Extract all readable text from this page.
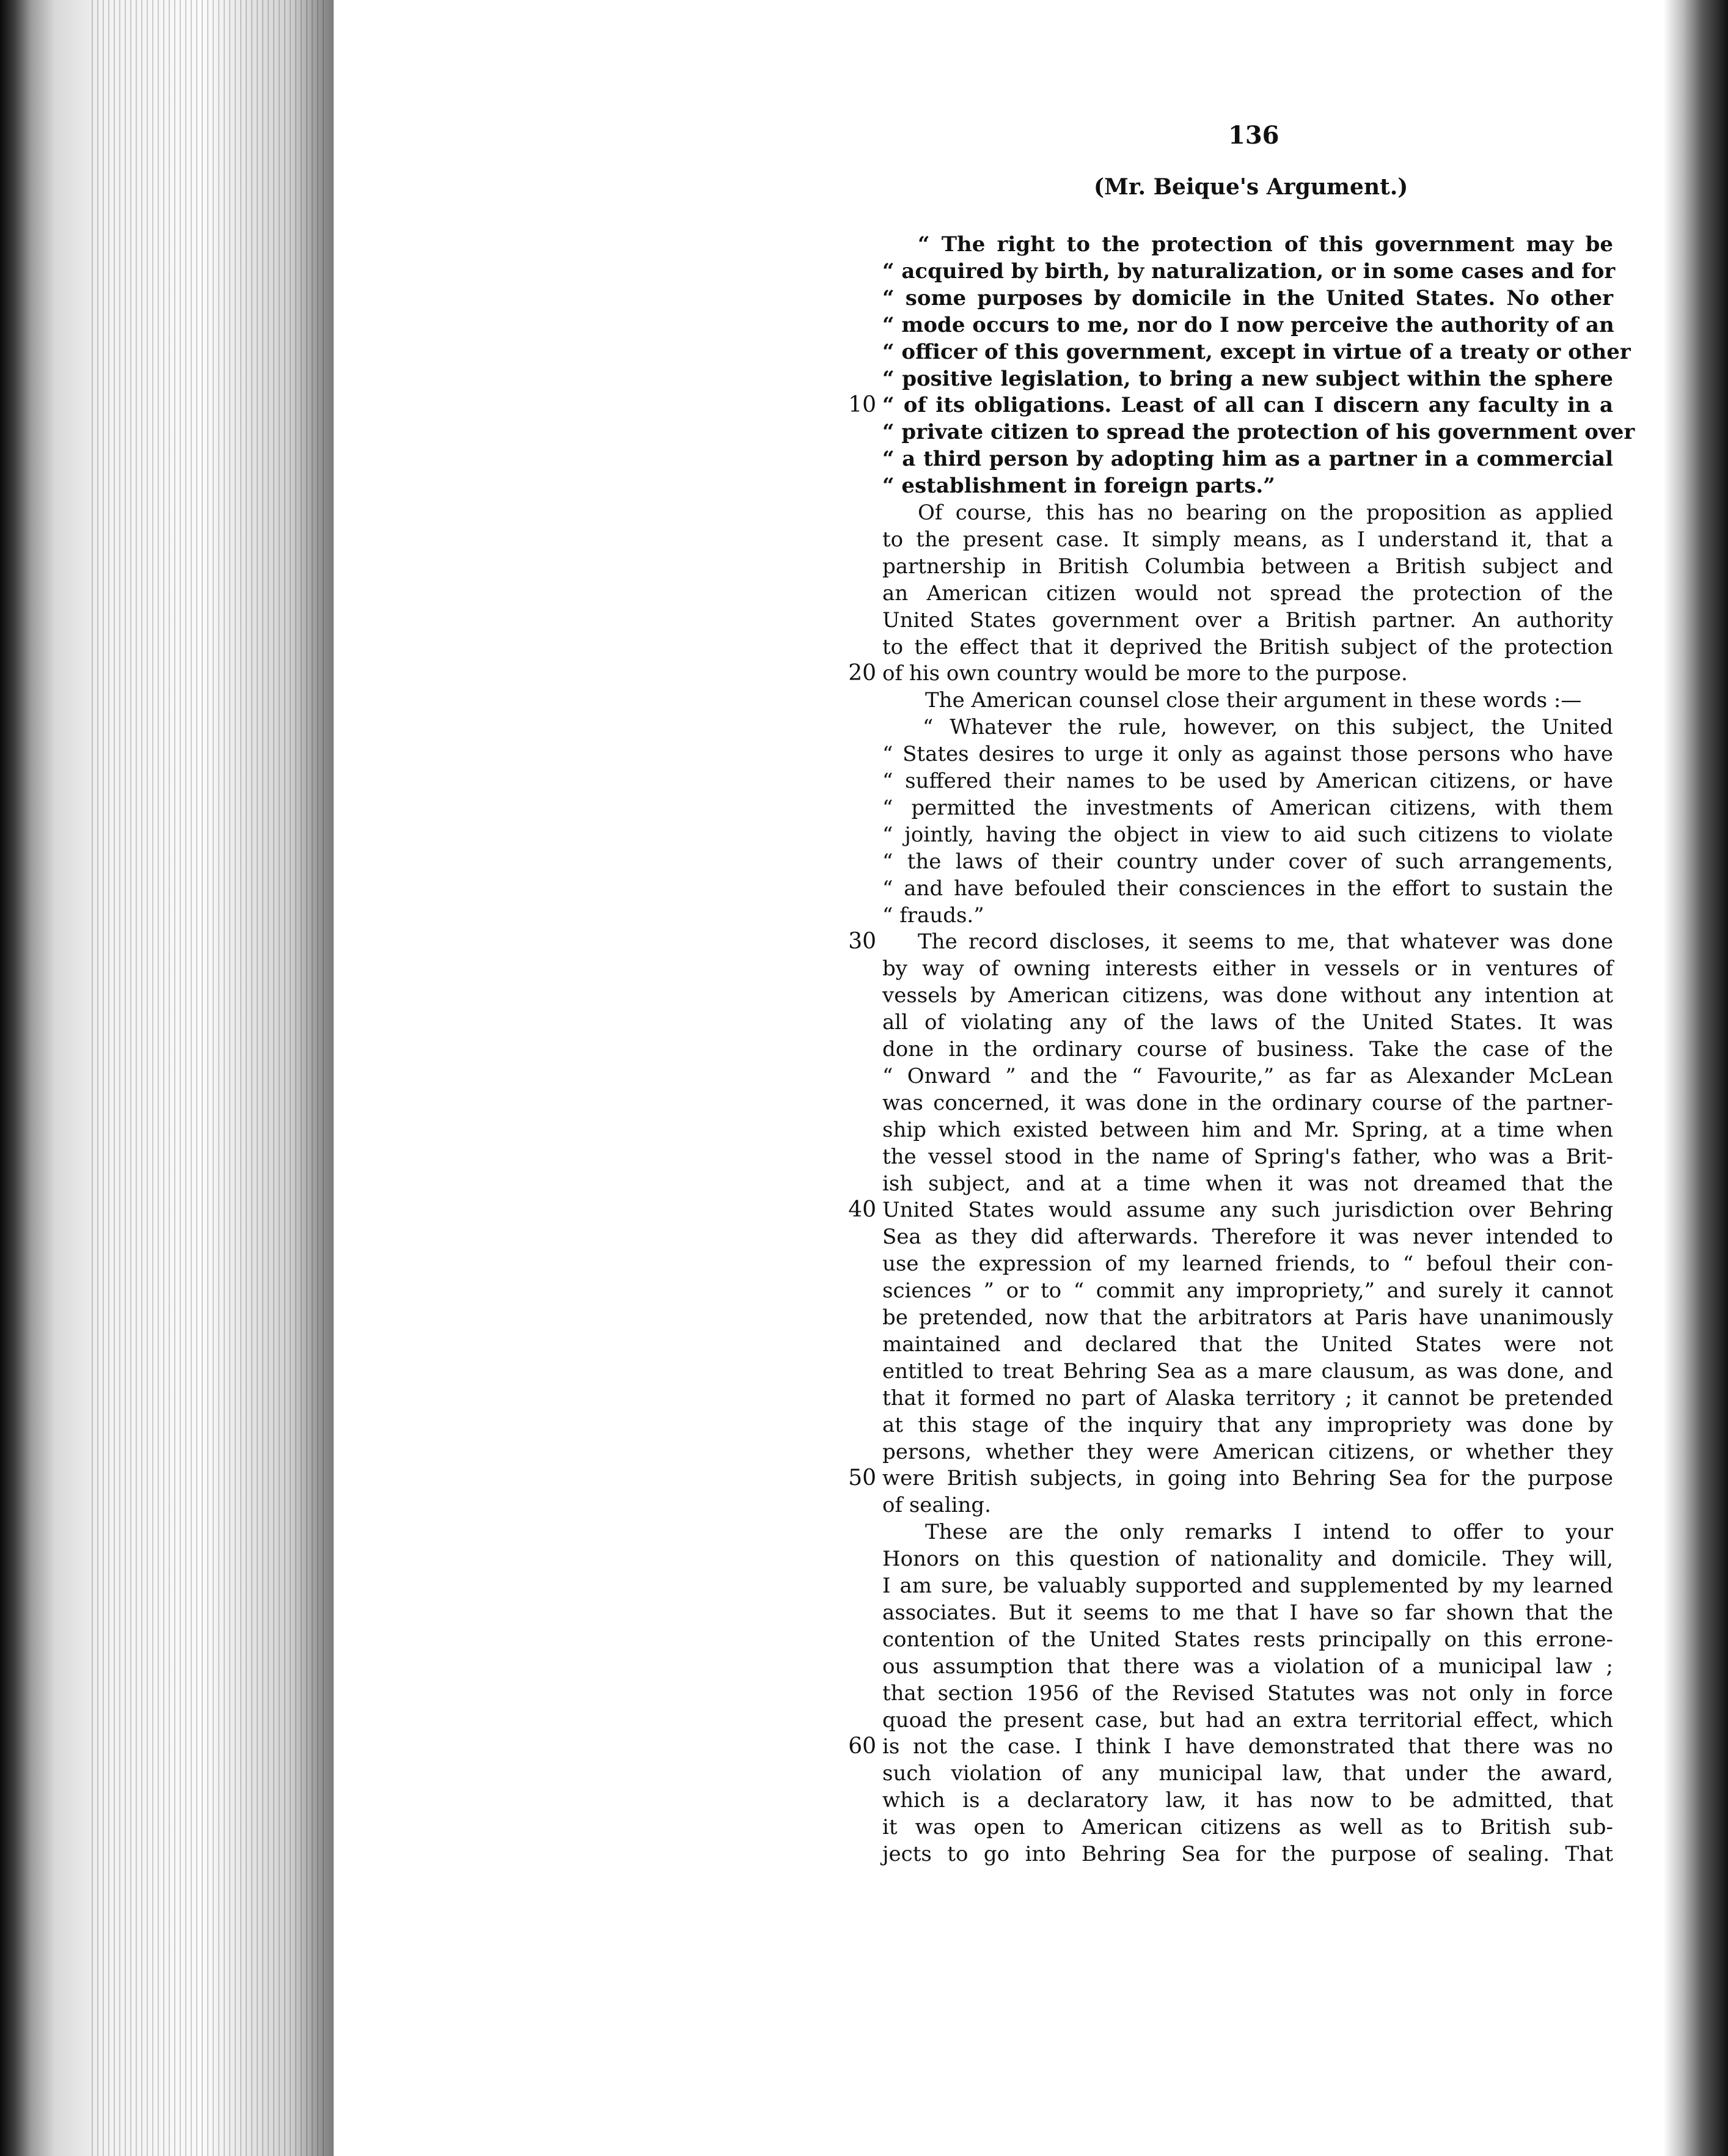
136
(Mr. Beique's Argument.)
“ The right to the protection of this government may be
“ acquired by birth, by naturalization, or in some cases and for
“ some purposes by domicile in the United States. No other
“ mode occurs to me, nor do I now perceive the authority of an
“ officer of this government, except in virtue of a treaty or other
“ positive legislation, to bring a new subject within the sphere
“ of its obligations. Least of all can I discern any faculty in a
“ private citizen to spread the protection of his government over
“ a third person by adopting him as a partner in a commercial
“ establishment in foreign parts.”
Of course, this has no bearing on the proposition as applied
to the present case. It simply means, as I understand it, that a
partnership in British Columbia between a British subject and
an American citizen would not spread the protection of the
United States government over a British partner. An authority
to the effect that it deprived the British subject of the protection
of his own country would be more to the purpose.
The American counsel close their argument in these words :—
“ Whatever the rule, however, on this subject, the United
“ States desires to urge it only as against those persons who have
“ suffered their names to be used by American citizens, or have
“ permitted the investments of American citizens, with them
“ jointly, having the object in view to aid such citizens to violate
“ the laws of their country under cover of such arrangements,
“ and have befouled their consciences in the effort to sustain the
“ frauds.”
The record discloses, it seems to me, that whatever was done
by way of owning interests either in vessels or in ventures of
vessels by American citizens, was done without any intention at
all of violating any of the laws of the United States. It was
done in the ordinary course of business. Take the case of the
“ Onward ” and the “ Favourite,” as far as Alexander McLean
was concerned, it was done in the ordinary course of the partner-
ship which existed between him and Mr. Spring, at a time when
the vessel stood in the name of Spring's father, who was a Brit-
ish subject, and at a time when it was not dreamed that the
United States would assume any such jurisdiction over Behring
Sea as they did afterwards. Therefore it was never intended to
use the expression of my learned friends, to “ befoul their con-
sciences ” or to “ commit any impropriety,” and surely it cannot
be pretended, now that the arbitrators at Paris have unanimously
maintained and declared that the United States were not
entitled to treat Behring Sea as a mare clausum, as was done, and
that it formed no part of Alaska territory ; it cannot be pretended
at this stage of the inquiry that any impropriety was done by
persons, whether they were American citizens, or whether they
were British subjects, in going into Behring Sea for the purpose
of sealing.
These are the only remarks I intend to offer to your
Honors on this question of nationality and domicile. They will,
I am sure, be valuably supported and supplemented by my learned
associates. But it seems to me that I have so far shown that the
contention of the United States rests principally on this errone-
ous assumption that there was a violation of a municipal law ;
that section 1956 of the Revised Statutes was not only in force
quoad the present case, but had an extra territorial effect, which
is not the case. I think I have demonstrated that there was no
such violation of any municipal law, that under the award,
which is a declaratory law, it has now to be admitted, that
it was open to American citizens as well as to British sub-
jects to go into Behring Sea for the purpose of sealing. That
10
20
30
40
50
60
